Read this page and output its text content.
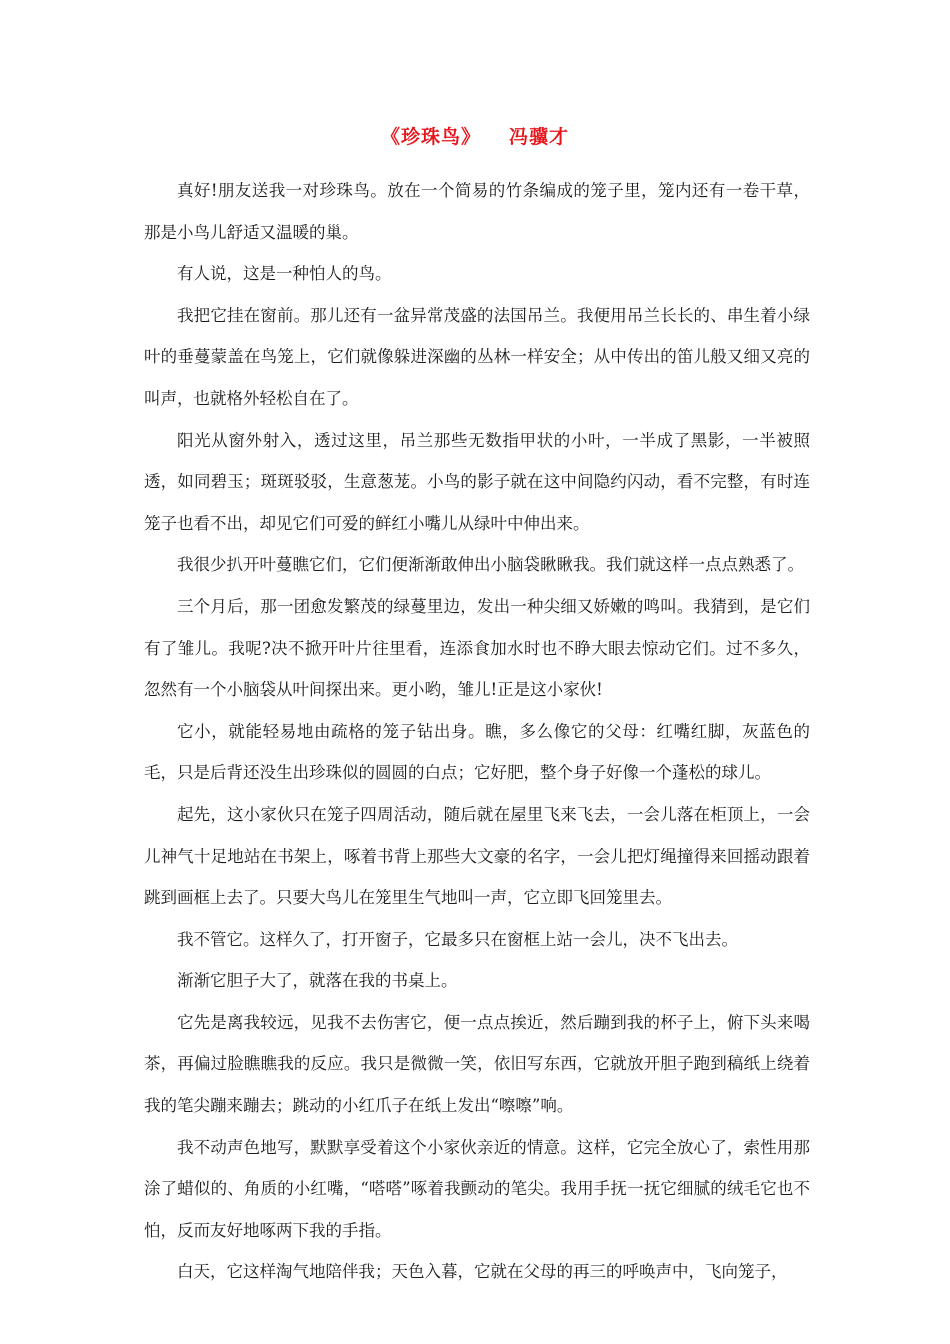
《珍珠鸟》 冯骥才

真好!朋友送我一对珍珠鸟。放在一个简易的竹条编成的笼子里，笼内还有一卷干草，那是小鸟儿舒适又温暖的巢。

有人说，这是一种怕人的鸟。

我把它挂在窗前。那儿还有一盆异常茂盛的法国吊兰。我便用吊兰长长的、串生着小绿叶的垂蔓蒙盖在鸟笼上，它们就像躲进深幽的丛林一样安全；从中传出的笛儿般又细又亮的叫声，也就格外轻松自在了。

阳光从窗外射入，透过这里，吊兰那些无数指甲状的小叶，一半成了黑影，一半被照透，如同碧玉；斑斑驳驳，生意葱茏。小鸟的影子就在这中间隐约闪动，看不完整，有时连笼子也看不出，却见它们可爱的鲜红小嘴儿从绿叶中伸出来。

我很少扒开叶蔓瞧它们，它们便渐渐敢伸出小脑袋瞅瞅我。我们就这样一点点熟悉了。

三个月后，那一团愈发繁茂的绿蔓里边，发出一种尖细又娇嫩的鸣叫。我猜到，是它们有了雏儿。我呢?决不掀开叶片往里看，连添食加水时也不睁大眼去惊动它们。过不多久，忽然有一个小脑袋从叶间探出来。更小哟，雏儿!正是这小家伙!

它小，就能轻易地由疏格的笼子钻出身。瞧，多么像它的父母：红嘴红脚，灰蓝色的毛，只是后背还没生出珍珠似的圆圆的白点；它好肥，整个身子好像一个蓬松的球儿。

起先，这小家伙只在笼子四周活动，随后就在屋里飞来飞去，一会儿落在柜顶上，一会儿神气十足地站在书架上，啄着书背上那些大文豪的名字，一会儿把灯绳撞得来回摇动跟着跳到画框上去了。只要大鸟儿在笼里生气地叫一声，它立即飞回笼里去。

我不管它。这样久了，打开窗子，它最多只在窗框上站一会儿，决不飞出去。

渐渐它胆子大了，就落在我的书桌上。

它先是离我较远，见我不去伤害它，便一点点挨近，然后蹦到我的杯子上，俯下头来喝茶，再偏过脸瞧瞧我的反应。我只是微微一笑，依旧写东西，它就放开胆子跑到稿纸上绕着我的笔尖蹦来蹦去；跳动的小红爪子在纸上发出“嚓嚓”响。

我不动声色地写，默默享受着这个小家伙亲近的情意。这样，它完全放心了，索性用那涂了蜡似的、角质的小红嘴，“嗒嗒”啄着我颤动的笔尖。我用手抚一抚它细腻的绒毛它也不怕，反而友好地啄两下我的手指。

白天，它这样淘气地陪伴我；天色入暮，它就在父母的再三的呼唤声中，飞向笼子，
